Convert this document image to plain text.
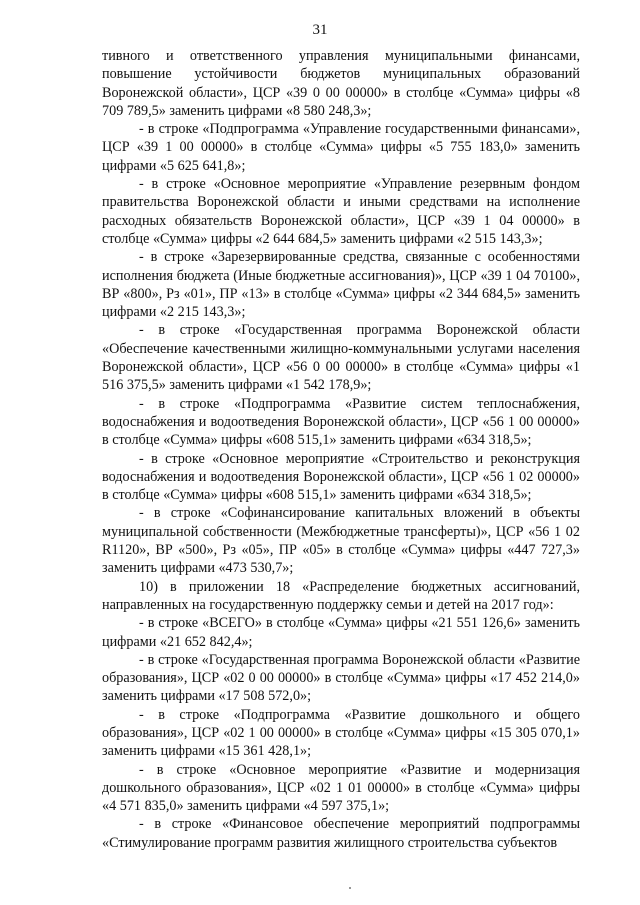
31

тивного и ответственного управления муниципальными финансами, повышение устойчивости бюджетов муниципальных образований Воронежской области», ЦСР «39 0 00 00000» в столбце «Сумма» цифры «8 709 789,5» заменить цифрами «8 580 248,3»;

- в строке «Подпрограмма «Управление государственными финансами», ЦСР «39 1 00 00000» в столбце «Сумма» цифры «5 755 183,0» заменить цифрами «5 625 641,8»;

- в строке «Основное мероприятие «Управление резервным фондом правительства Воронежской области и иными средствами на исполнение расходных обязательств Воронежской области», ЦСР «39 1 04 00000» в столбце «Сумма» цифры «2 644 684,5» заменить цифрами «2 515 143,3»;

- в строке «Зарезервированные средства, связанные с особенностями исполнения бюджета (Иные бюджетные ассигнования)», ЦСР «39 1 04 70100», ВР «800», Рз «01», ПР «13» в столбце «Сумма» цифры «2 344 684,5» заменить цифрами «2 215 143,3»;

- в строке «Государственная программа Воронежской области «Обеспечение качественными жилищно-коммунальными услугами населения Воронежской области», ЦСР «56 0 00 00000» в столбце «Сумма» цифры «1 516 375,5» заменить цифрами «1 542 178,9»;

- в строке «Подпрограмма «Развитие систем теплоснабжения, водоснабжения и водоотведения Воронежской области», ЦСР «56 1 00 00000» в столбце «Сумма» цифры «608 515,1» заменить цифрами «634 318,5»;

- в строке «Основное мероприятие «Строительство и реконструкция водоснабжения и водоотведения Воронежской области», ЦСР «56 1 02 00000» в столбце «Сумма» цифры «608 515,1» заменить цифрами «634 318,5»;

- в строке «Софинансирование капитальных вложений в объекты муниципальной собственности (Межбюджетные трансферты)», ЦСР «56 1 02 R1120», ВР «500», Рз «05», ПР «05» в столбце «Сумма» цифры «447 727,3» заменить цифрами «473 530,7»;

10) в приложении 18 «Распределение бюджетных ассигнований, направленных на государственную поддержку семьи и детей на 2017 год»:

- в строке «ВСЕГО» в столбце «Сумма» цифры «21 551 126,6» заменить цифрами «21 652 842,4»;

- в строке «Государственная программа Воронежской области «Развитие образования», ЦСР «02 0 00 00000» в столбце «Сумма» цифры «17 452 214,0» заменить цифрами «17 508 572,0»;

- в строке «Подпрограмма «Развитие дошкольного и общего образования», ЦСР «02 1 00 00000» в столбце «Сумма» цифры «15 305 070,1» заменить цифрами «15 361 428,1»;

- в строке «Основное мероприятие «Развитие и модернизация дошкольного образования», ЦСР «02 1 01 00000» в столбце «Сумма» цифры «4 571 835,0» заменить цифрами «4 597 375,1»;

- в строке «Финансовое обеспечение мероприятий подпрограммы «Стимулирование программ развития жилищного строительства субъектов
